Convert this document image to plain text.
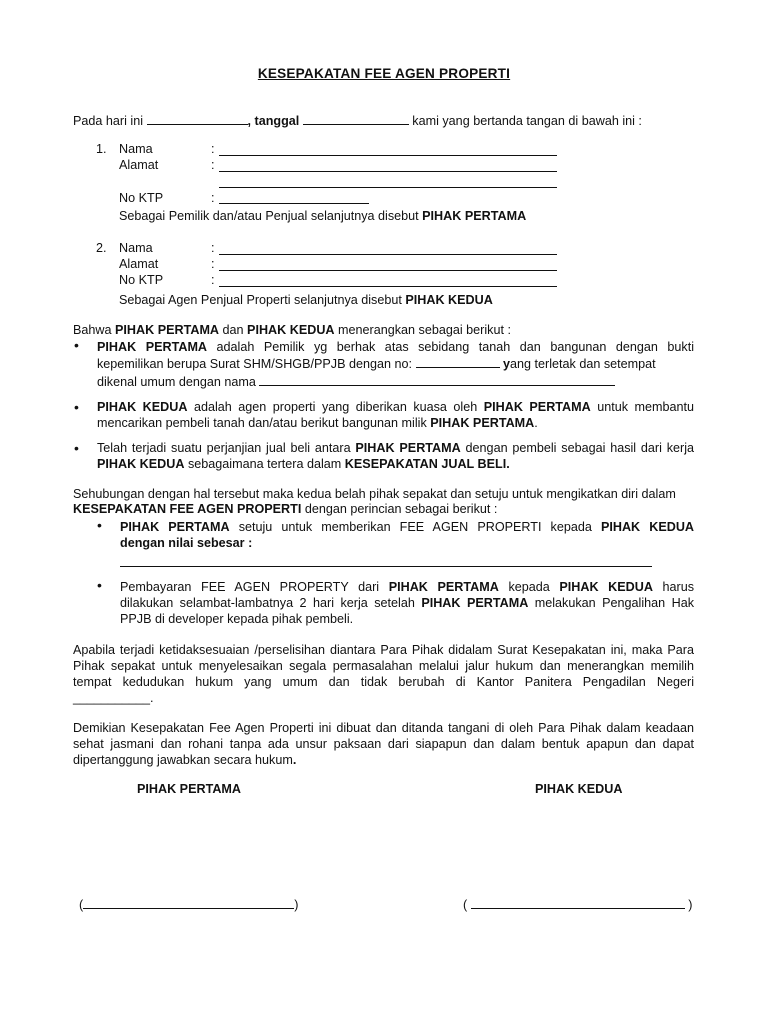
KESEPAKATAN FEE AGEN PROPERTI
Pada hari ini	, tanggal	kami yang bertanda tangan di bawah ini :
1. Nama	:
Alamat	:
No KTP	:
Sebagai Pemilik dan/atau Penjual selanjutnya disebut PIHAK PERTAMA
2. Nama	:
Alamat	:
No KTP	:
Sebagai Agen Penjual Properti selanjutnya disebut PIHAK KEDUA
Bahwa PIHAK PERTAMA dan PIHAK KEDUA menerangkan sebagai berikut :
• PIHAK PERTAMA adalah Pemilik yg berhak atas sebidang tanah dan bangunan dengan bukti
kepemilikan berupa Surat SHM/SHGB/PPJB dengan no:	yang terletak dan setempat
dikenal umum dengan nama
• PIHAK KEDUA adalah agen properti yang diberikan kuasa oleh PIHAK PERTAMA untuk membantu
mencarikan pembeli tanah dan/atau berikut bangunan milik PIHAK PERTAMA.
• Telah terjadi suatu perjanjian jual beli antara PIHAK PERTAMA dengan pembeli sebagai hasil dari kerja
PIHAK KEDUA sebagaimana tertera dalam KESEPAKATAN JUAL BELI.
Sehubungan dengan hal tersebut maka kedua belah pihak sepakat dan setuju untuk mengikatkan diri dalam
KESEPAKATAN FEE AGEN PROPERTI dengan perincian sebagai berikut :
• PIHAK PERTAMA setuju untuk memberikan FEE AGEN PROPERTI kepada PIHAK KEDUA
dengan nilai sebesar :
• Pembayaran FEE AGEN PROPERTY dari PIHAK PERTAMA kepada PIHAK KEDUA harus
dilakukan selambat-lambatnya 2 hari kerja setelah PIHAK PERTAMA melakukan Pengalihan Hak
PPJB di developer kepada pihak pembeli.
Apabila terjadi ketidaksesuaian /perselisihan diantara Para Pihak didalam Surat Kesepakatan ini, maka Para
Pihak sepakat untuk menyelesaikan segala permasalahan melalui jalur hukum dan menerangkan memilih
tempat kedudukan hukum yang umum dan tidak berubah di Kantor Panitera Pengadilan Negeri
___________.
Demikian Kesepakatan Fee Agen Properti ini dibuat dan ditanda tangani di oleh Para Pihak dalam keadaan
sehat jasmani dan rohani tanpa ada unsur paksaan dari siapapun dan dalam bentuk apapun dan dapat
dipertanggung jawabkan secara hukum.
PIHAK PERTAMA	PIHAK KEDUA
(	)	(	)
